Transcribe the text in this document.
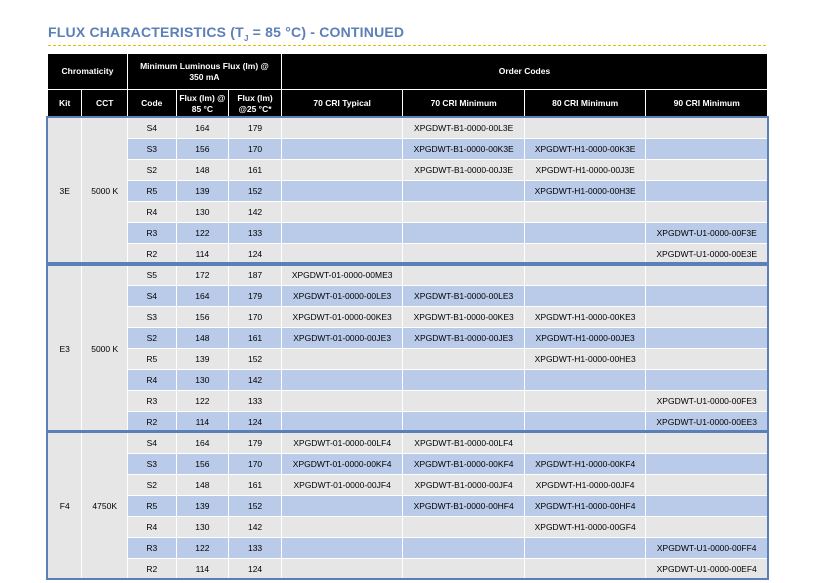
FLUX CHARACTERISTICS ($T_J = 85$ °C) - CONTINUED
Chromaticity		Minimum Luminous Flux (lm) @ 350 mA			Order Codes			
Kit	CCT	Code	Flux (lm) @ 85 °C	Flux (lm) @25 °C*	70 CRI Typical	70 CRI Minimum	80 CRI Minimum	90 CRI Minimum
3E	5000 K	S4	164	179		XPGDWT-B1-0000-00L3E		
		S3	156	170		XPGDWT-B1-0000-00K3E	XPGDWT-H1-0000-00K3E	
		S2	148	161		XPGDWT-B1-0000-00J3E	XPGDWT-H1-0000-00J3E	
		R5	139	152			XPGDWT-H1-0000-00H3E	
		R4	130	142				
		R3	122	133				XPGDWT-U1-0000-00F3E
		R2	114	124				XPGDWT-U1-0000-00E3E
E3	5000 K	S5	172	187	XPGDWT-01-0000-00ME3			
		S4	164	179	XPGDWT-01-0000-00LE3	XPGDWT-B1-0000-00LE3		
		S3	156	170	XPGDWT-01-0000-00KE3	XPGDWT-B1-0000-00KE3	XPGDWT-H1-0000-00KE3	
		S2	148	161	XPGDWT-01-0000-00JE3	XPGDWT-B1-0000-00JE3	XPGDWT-H1-0000-00JE3	
		R5	139	152			XPGDWT-H1-0000-00HE3	
		R4	130	142				
		R3	122	133				XPGDWT-U1-0000-00FE3
		R2	114	124				XPGDWT-U1-0000-00EE3
F4	4750K	S4	164	179	XPGDWT-01-0000-00LF4	XPGDWT-B1-0000-00LF4		
		S3	156	170	XPGDWT-01-0000-00KF4	XPGDWT-B1-0000-00KF4	XPGDWT-H1-0000-00KF4	
		S2	148	161	XPGDWT-01-0000-00JF4	XPGDWT-B1-0000-00JF4	XPGDWT-H1-0000-00JF4	
		R5	139	152		XPGDWT-B1-0000-00HF4	XPGDWT-H1-0000-00HF4	
		R4	130	142			XPGDWT-H1-0000-00GF4	
		R3	122	133				XPGDWT-U1-0000-00FF4
		R2	114	124				XPGDWT-U1-0000-00EF4
